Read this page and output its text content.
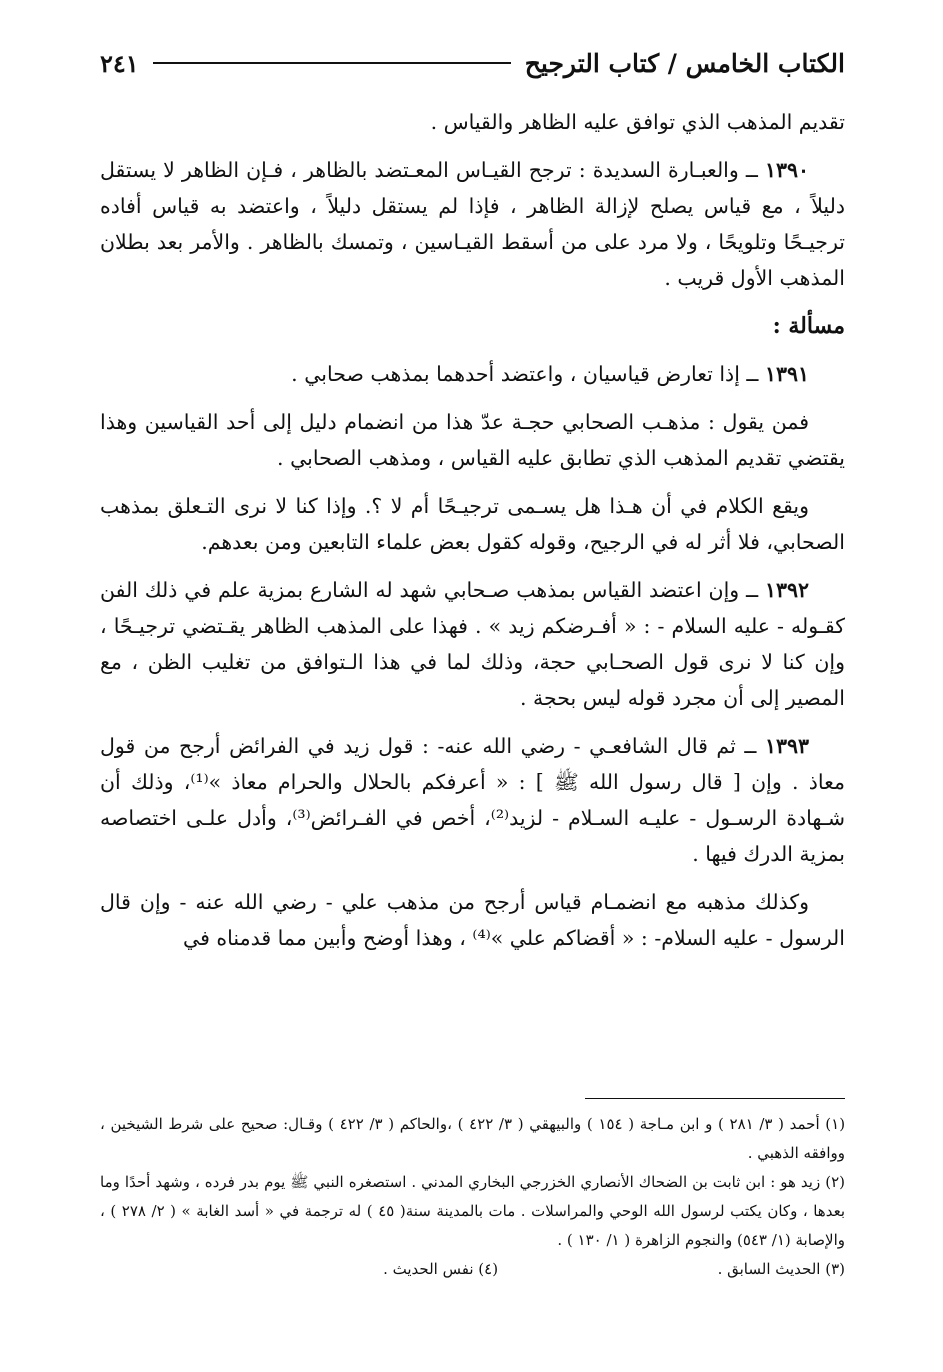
الكتاب الخامس / كتاب الترجيح
٢٤١

تقديم المذهب الذي توافق عليه الظاهر والقياس .

١٣٩٠ ــ والعبـارة السديدة : ترجح القيـاس المعـتضد بالظاهر ، فـإن الظاهر لا يستقل دليلاً ، مع قياس يصلح لإزالة الظاهر ، فإذا لم يستقل دليلاً ، واعتضد به قياس أفاده ترجيـحًا وتلويحًا ، ولا مرد على من أسقط القيـاسين ، وتمسك بالظاهر . والأمر بعد بطلان المذهب الأول قريب .

مسألة :

١٣٩١ ــ إذا تعارض قياسيان ، واعتضد أحدهما بمذهب صحابي .

فمن يقول : مذهـب الصحابي حجـة عدّ هذا من انضمام دليل إلى أحد القياسين وهذا يقتضي تقديم المذهب الذي تطابق عليه القياس ، ومذهب الصحابي .

ويقع الكلام في أن هـذا هل يسـمى ترجيـحًا أم لا ؟. وإذا كنا لا نرى التـعلق بمذهب الصحابي، فلا أثر له في الرجيح، وقوله كقول بعض علماء التابعين ومن بعدهم.

١٣٩٢ ــ وإن اعتضد القياس بمذهب صـحابي شهد له الشارع بمزية علم في ذلك الفن كقـوله - عليه السلام - : « أفـرضكم زيد » . فهذا على المذهب الظاهر يقـتضي ترجيـحًا ، وإن كنا لا نرى قول الصحـابي حجة، وذلك لما في هذا الـتوافق من تغليب الظن ، مع المصير إلى أن مجرد قوله ليس بحجة .

١٣٩٣ ــ ثم قال الشافعـي - رضي الله عنه- : قول زيد في الفرائض أرجح من قول معاذ . وإن [ قال رسول الله ﷺ ] : « أعرفكم بالحلال والحرام معاذ »⁽¹⁾، وذلك أن شـهادة الرسـول - عليـه السـلام - لزيد⁽²⁾، أخص في الفـرائض⁽³⁾، وأدل علـى اختصاصه بمزية الدرك فيها .

وكذلك مذهبه مع انضمـام قياس أرجح من مذهب علي - رضي الله عنه - وإن قال الرسول - عليه السلام- : « أقضاكم علي »⁽⁴⁾ ، وهذا أوضح وأبين مما قدمناه في

(١) أحمد ( ٣/ ٢٨١ ) و ابن مـاجة ( ١٥٤ ) والبيهقي ( ٣/ ٤٢٢ ) ،والحاكم ( ٣/ ٤٢٢ ) وقـال: صحيح على شرط الشيخين ، ووافقه الذهبي .

(٢) زيد هو : ابن ثابت بن الضحاك الأنصاري الخزرجي البخاري المدني . استصغره النبي ﷺ يوم بدر فرده ، وشهد أحدًا وما بعدها ، وكان يكتب لرسول الله الوحي والمراسلات . مات بالمدينة سنة( ٤٥ ) له ترجمة في « أسد الغابة » ( ٢/ ٢٧٨ ) ، والإصابة (١/ ٥٤٣) والنجوم الزاهرة ( ١/ ١٣٠ ) .

(٣) الحديث السابق .
(٤) نفس الحديث .
